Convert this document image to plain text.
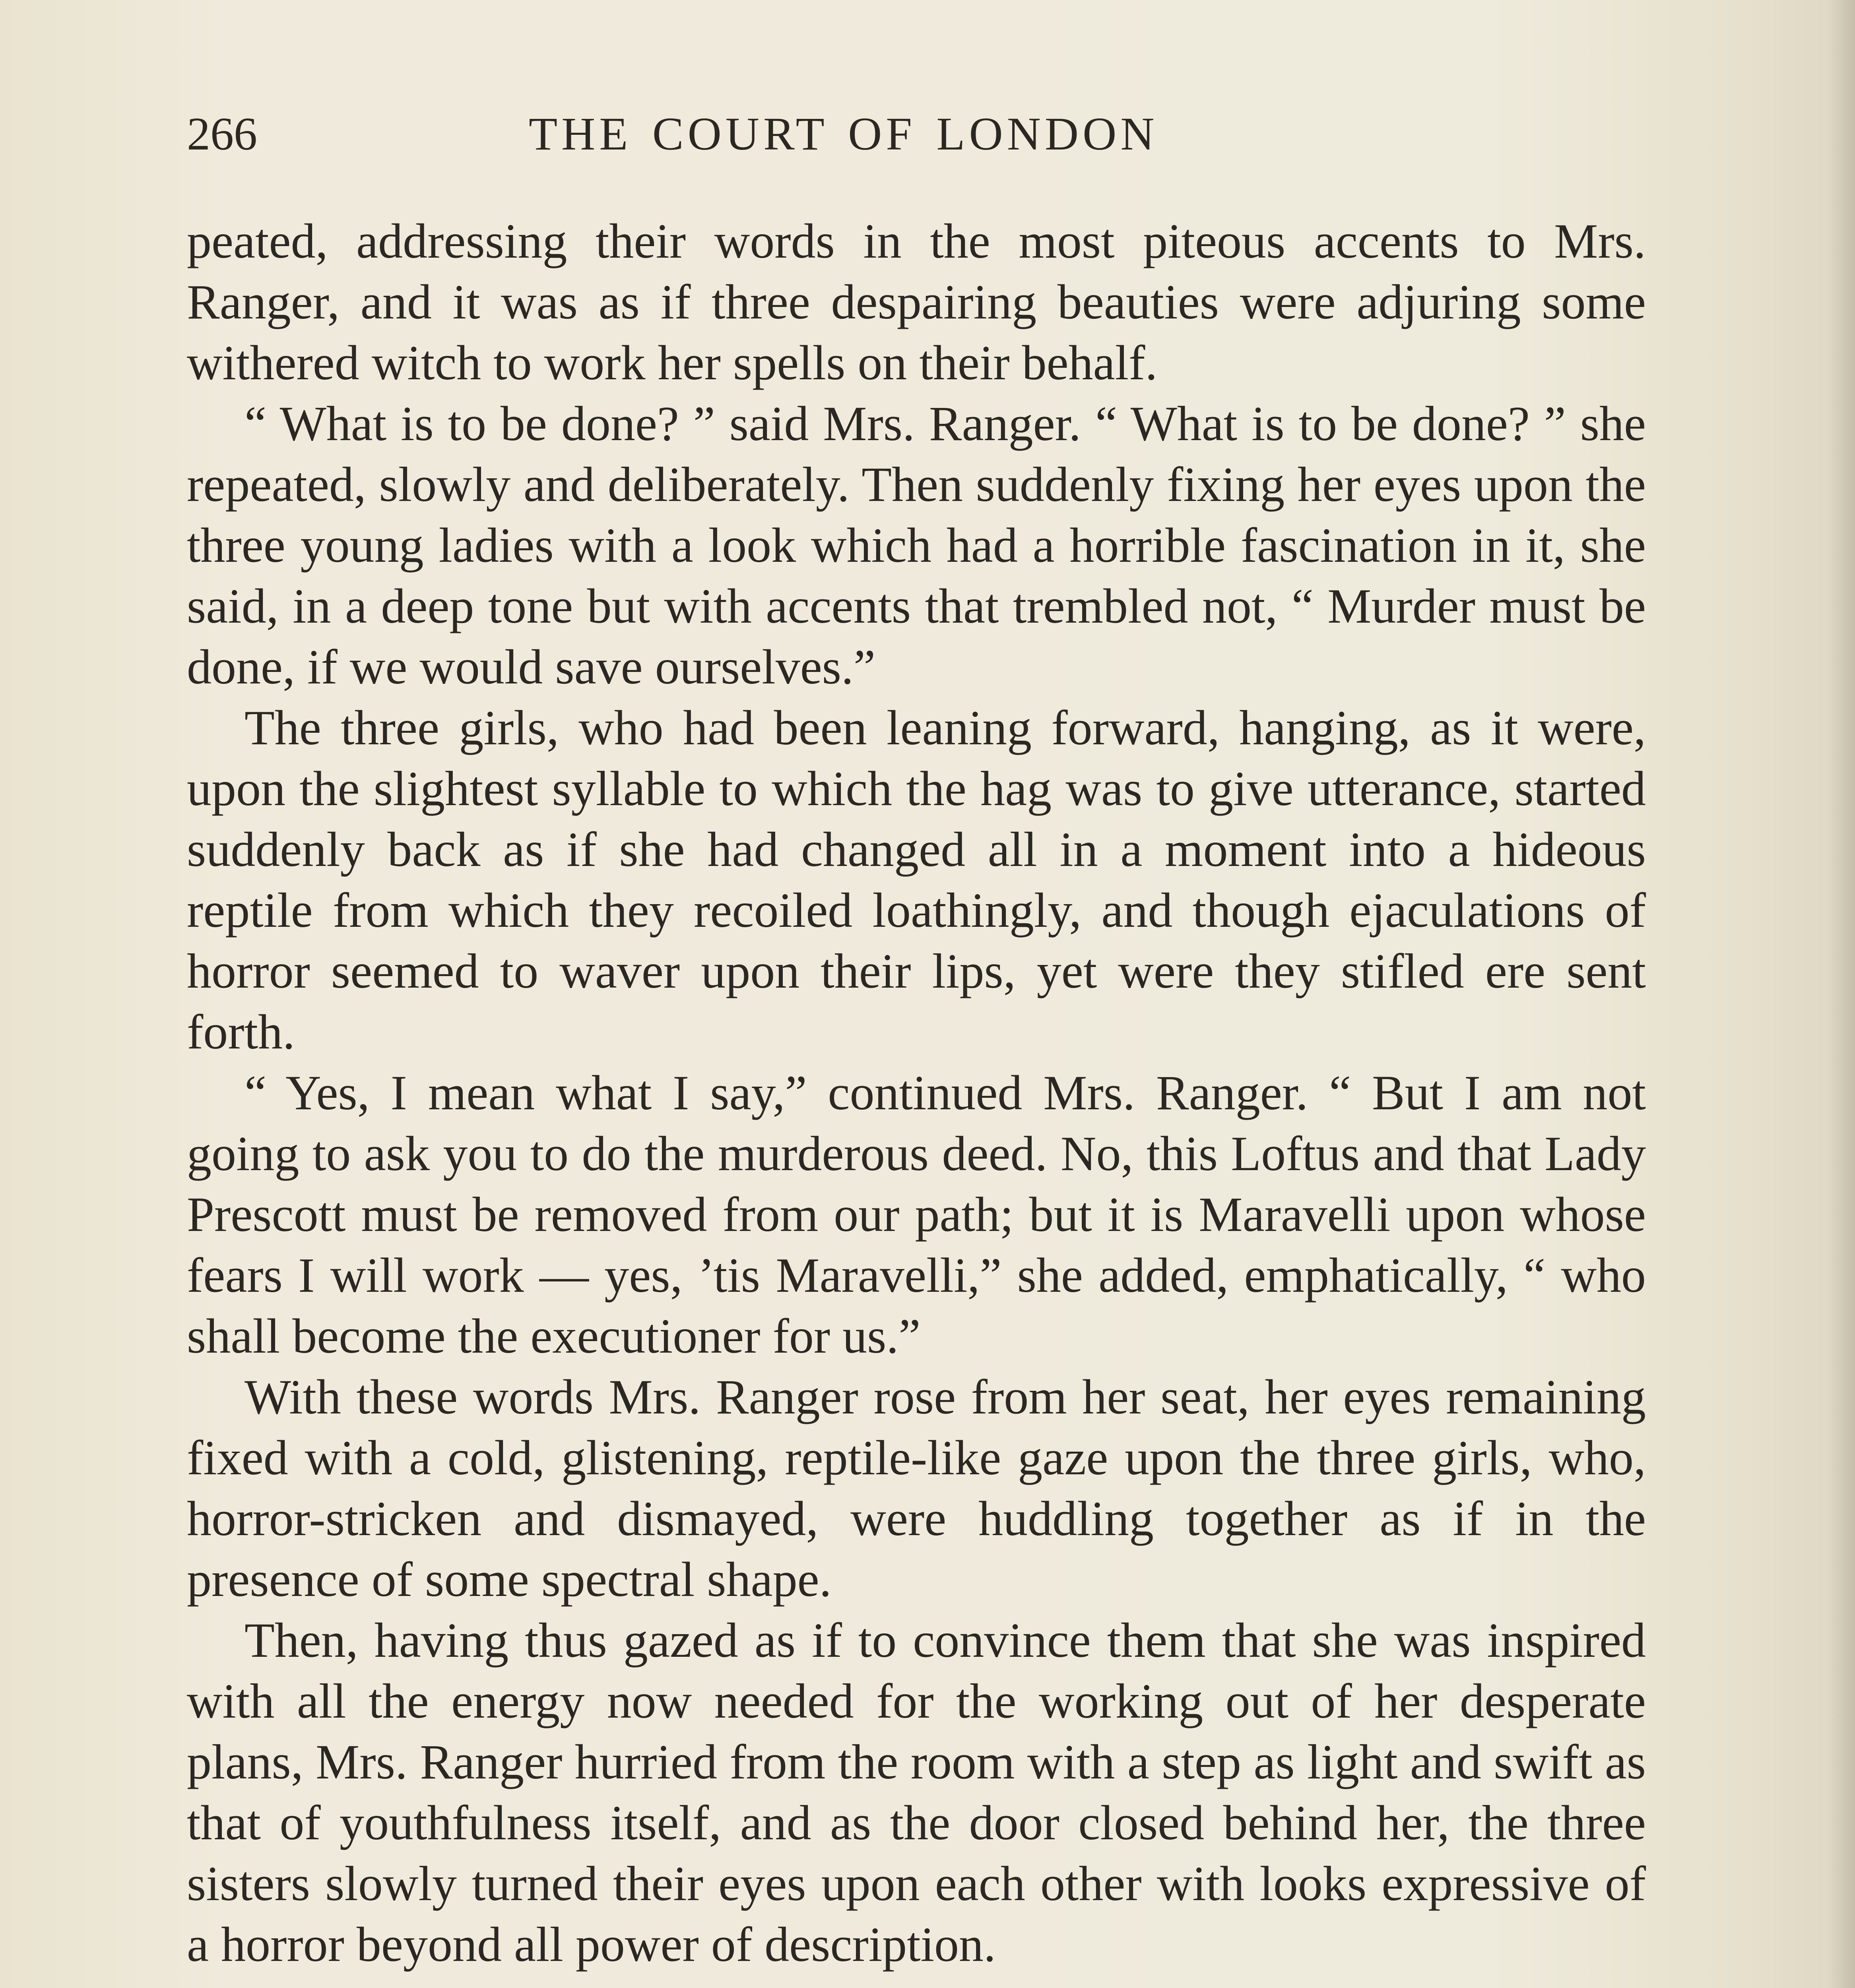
266	THE COURT OF LONDON

peated, addressing their words in the most piteous accents to Mrs. Ranger, and it was as if three despairing beauties were adjuring some withered witch to work her spells on their behalf.

“ What is to be done? ” said Mrs. Ranger. “ What is to be done? ” she repeated, slowly and deliberately. Then suddenly fixing her eyes upon the three young ladies with a look which had a horrible fascination in it, she said, in a deep tone but with accents that trembled not, “ Murder must be done, if we would save ourselves.”

The three girls, who had been leaning forward, hanging, as it were, upon the slightest syllable to which the hag was to give utterance, started suddenly back as if she had changed all in a moment into a hideous reptile from which they recoiled loathingly, and though ejaculations of horror seemed to waver upon their lips, yet were they stifled ere sent forth.

“ Yes, I mean what I say,” continued Mrs. Ranger. “ But I am not going to ask you to do the murderous deed. No, this Loftus and that Lady Prescott must be removed from our path; but it is Maravelli upon whose fears I will work — yes, ’tis Maravelli,” she added, emphatically, “ who shall become the executioner for us.”

With these words Mrs. Ranger rose from her seat, her eyes remaining fixed with a cold, glistening, reptile-like gaze upon the three girls, who, horror-stricken and dismayed, were huddling together as if in the presence of some spectral shape.

Then, having thus gazed as if to convince them that she was inspired with all the energy now needed for the working out of her desperate plans, Mrs. Ranger hurried from the room with a step as light and swift as that of youthfulness itself, and as the door closed behind her, the three sisters slowly turned their eyes upon each other with looks expressive of a horror beyond all power of description.
